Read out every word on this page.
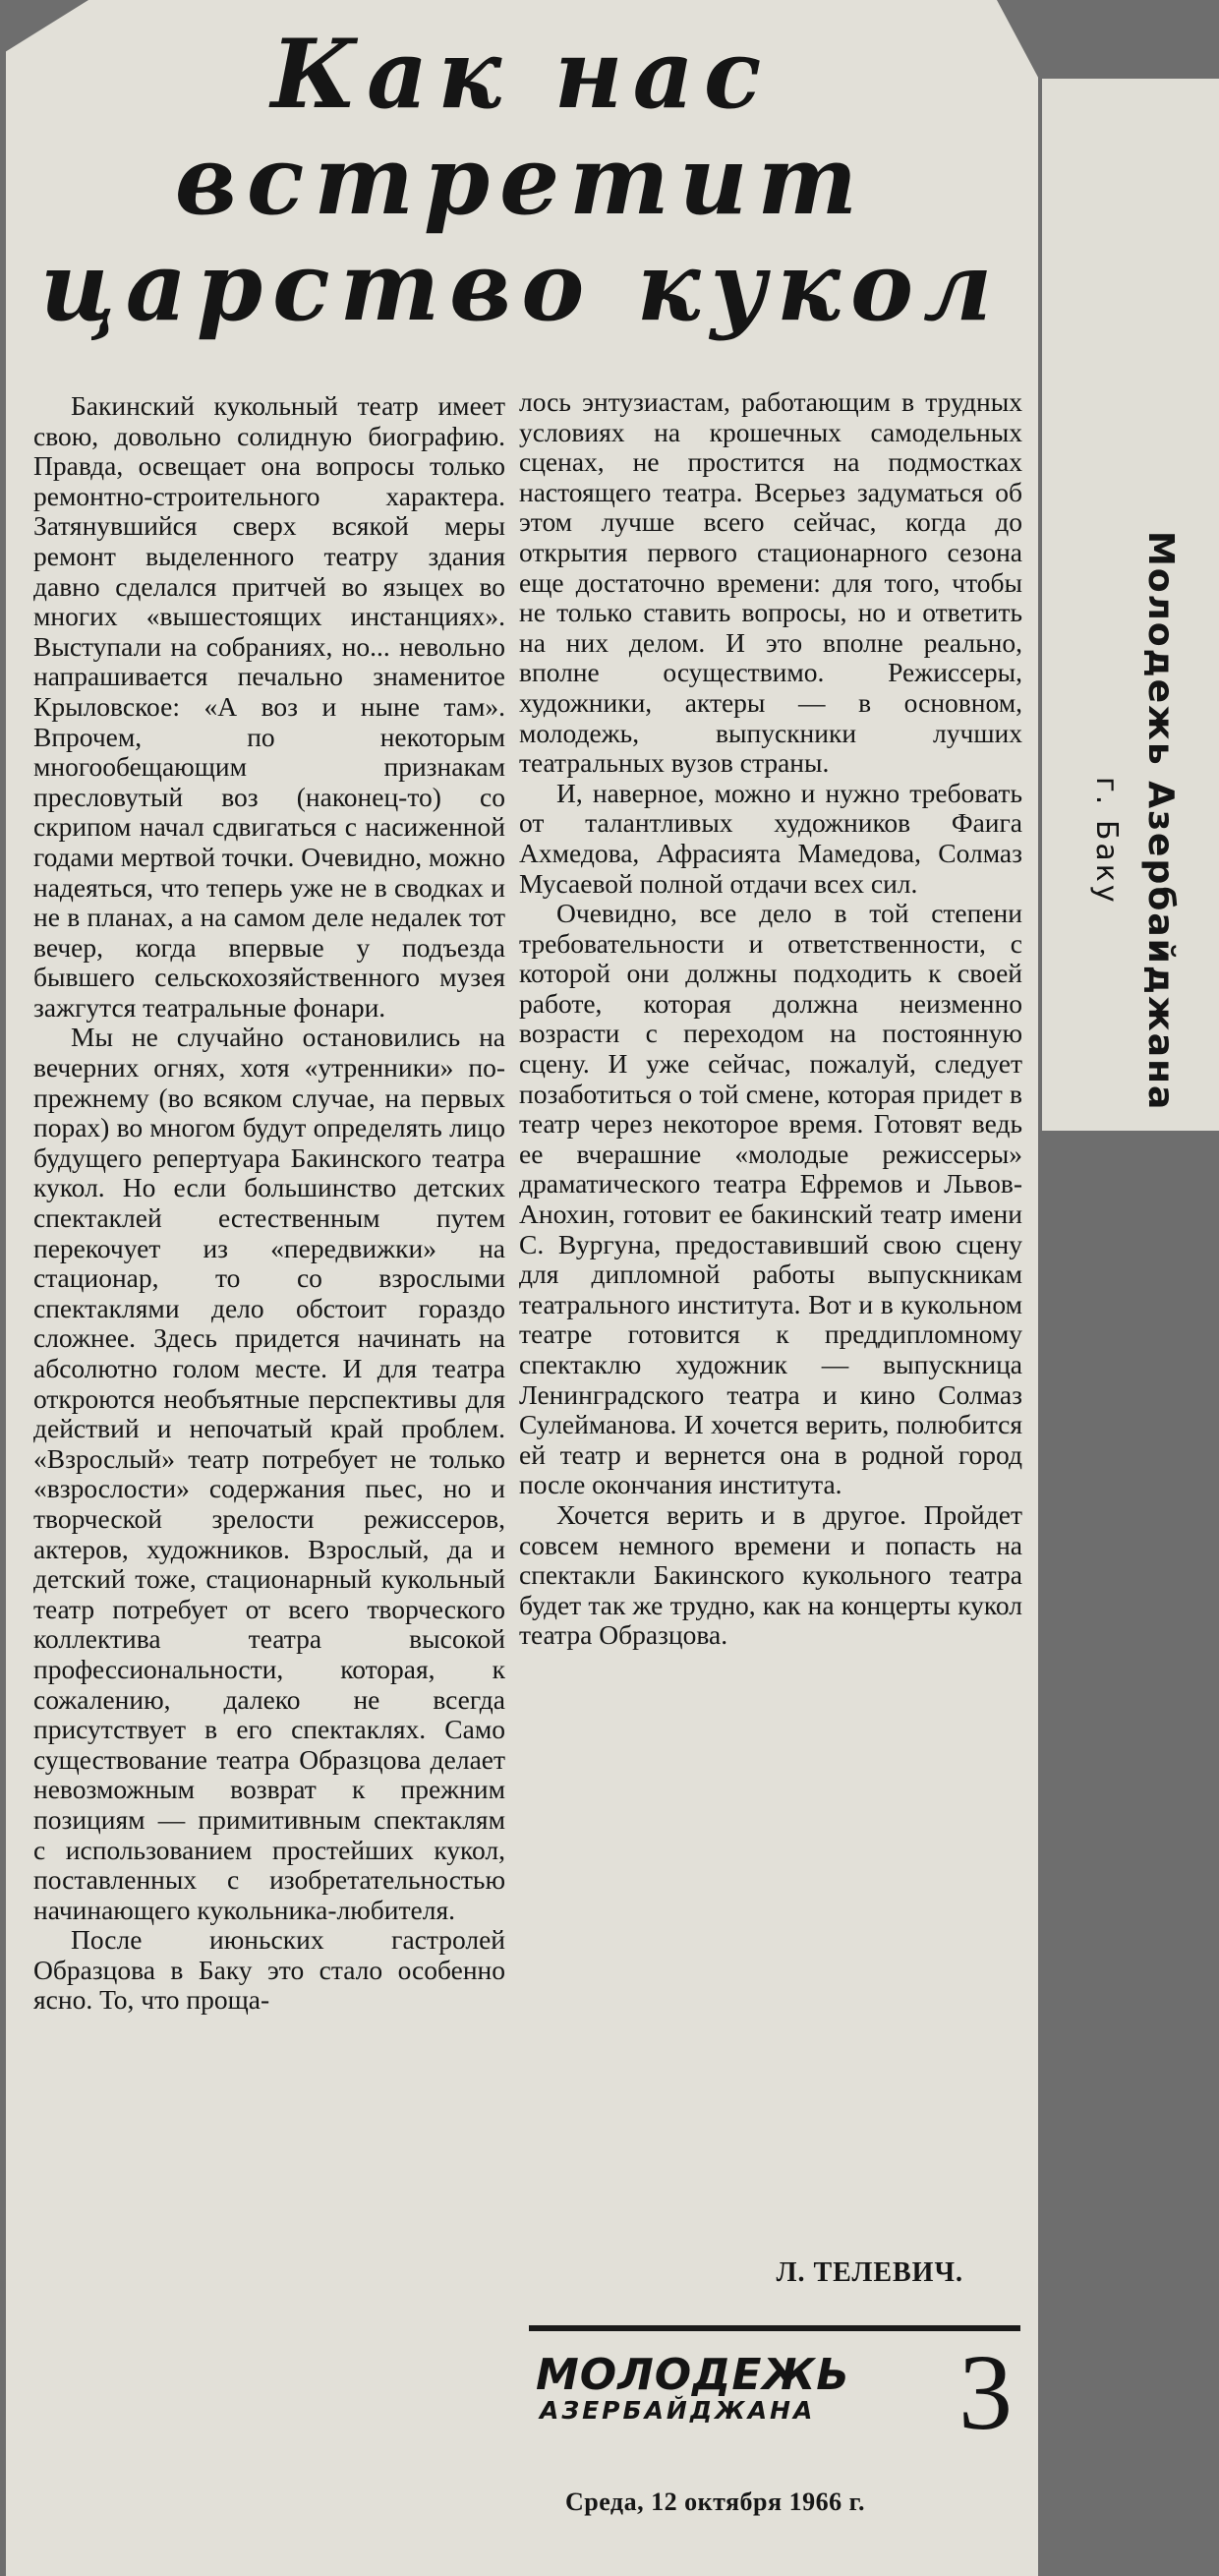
Как нас
встретит
царство кукол

Бакинский кукольный театр имеет свою, довольно солидную биографию. Правда, освещает она вопросы только ремонтно-строительного характера. Затянувшийся сверх всякой меры ремонт выделенного театру здания давно сделался притчей во языцех во многих «вышестоящих инстанциях». Выступали на собраниях, но... невольно напрашивается печально знаменитое Крыловское: «А воз и ныне там». Впрочем, по некоторым многообещающим признакам пресловутый воз (наконец-то) со скрипом начал сдвигаться с насиженной годами мертвой точки. Очевидно, можно надеяться, что теперь уже не в сводках и не в планах, а на самом деле недалек тот вечер, когда впервые у подъезда бывшего сельскохозяйственного музея зажгутся театральные фонари.

Мы не случайно остановились на вечерних огнях, хотя «утренники» по-прежнему (во всяком случае, на первых порах) во многом будут определять лицо будущего репертуара Бакинского театра кукол. Но если большинство детских спектаклей естественным путем перекочует из «передвижки» на стационар, то со взрослыми спектаклями дело обстоит гораздо сложнее. Здесь придется начинать на абсолютно голом месте. И для театра откроются необъятные перспективы для действий и непочатый край проблем. «Взрослый» театр потребует не только «взрослости» содержания пьес, но и творческой зрелости режиссеров, актеров, художников. Взрослый, да и детский тоже, стационарный кукольный театр потребует от всего творческого коллектива театра высокой профессиональности, которая, к сожалению, далеко не всегда присутствует в его спектаклях. Само существование театра Образцова делает невозможным возврат к прежним позициям — примитивным спектаклям с использованием простейших кукол, поставленных с изобретательностью начинающего кукольника-любителя.

После июньских гастролей Образцова в Баку это стало особенно ясно. То, что проща-

лось энтузиастам, работающим в трудных условиях на крошечных самодельных сценах, не простится на подмостках настоящего театра. Всерьез задуматься об этом лучше всего сейчас, когда до открытия первого стационарного сезона еще достаточно времени: для того, чтобы не только ставить вопросы, но и ответить на них делом. И это вполне реально, вполне осуществимо. Режиссеры, художники, актеры — в основном, молодежь, выпускники лучших театральных вузов страны.

И, наверное, можно и нужно требовать от талантливых художников Фаига Ахмедова, Афрасията Мамедова, Солмаз Мусаевой полной отдачи всех сил.

Очевидно, все дело в той степени требовательности и ответственности, с которой они должны подходить к своей работе, которая должна неизменно возрасти с переходом на постоянную сцену. И уже сейчас, пожалуй, следует позаботиться о той смене, которая придет в театр через некоторое время. Готовят ведь ее вчерашние «молодые режиссеры» драматического театра Ефремов и Львов-Анохин, готовит ее бакинский театр имени С. Вургуна, предоставивший свою сцену для дипломной работы выпускникам театрального института. Вот и в кукольном театре готовится к преддипломному спектаклю художник — выпускница Ленинградского театра и кино Солмаз Сулейманова. И хочется верить, полюбится ей театр и вернется она в родной город после окончания института.

Хочется верить и в другое. Пройдет совсем немного времени и попасть на спектакли Бакинского кукольного театра будет так же трудно, как на концерты кукол театра Образцова.

Л. ТЕЛЕВИЧ.
МОЛОДЕЖЬ
АЗЕРБАЙДЖАНА 3
Среда, 12 октября 1966 г.
Молодежь Азербайджана
г. Баку
